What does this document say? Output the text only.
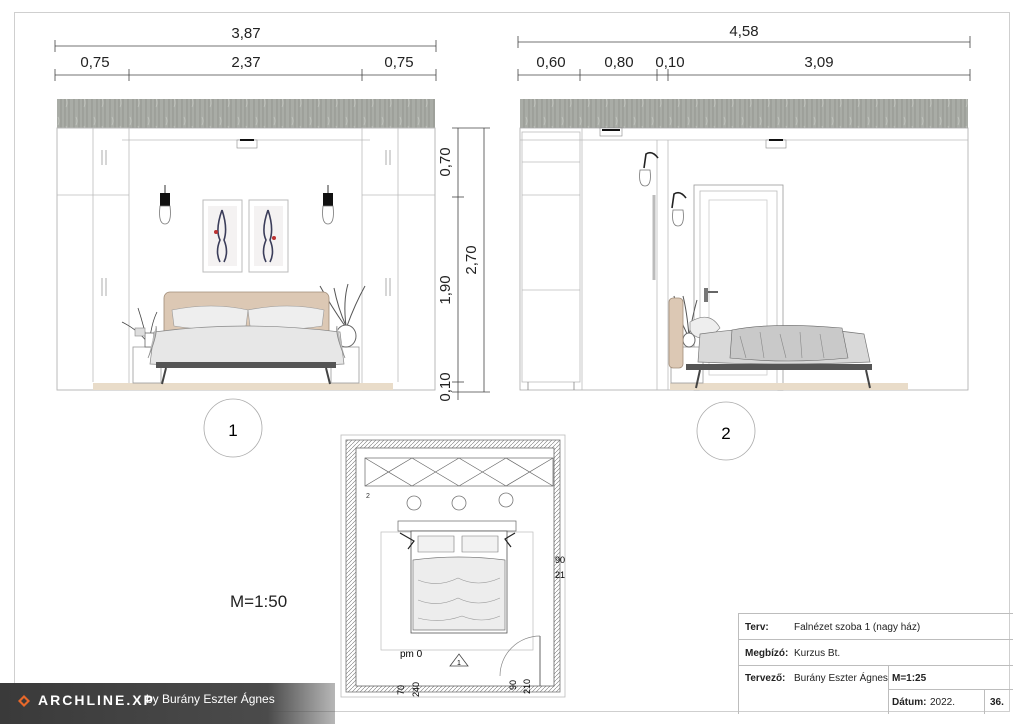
3,87
0,75	2,37	0,75
0,70
1,90
0,10
2,70
1
4,58
0,60	0,80 0,10	3,09
2
2
1
pm 0
90
21
70 240	90 210
M=1:50
Terv:	Falnézet szoba 1 (nagy ház)
Megbízó: Kurzus Bt.
Tervező: Burány Eszter Ágnes M=1:25
Dátum: 2022.	36.
ARCHLINE.XP
by Burány Eszter Ágnes
